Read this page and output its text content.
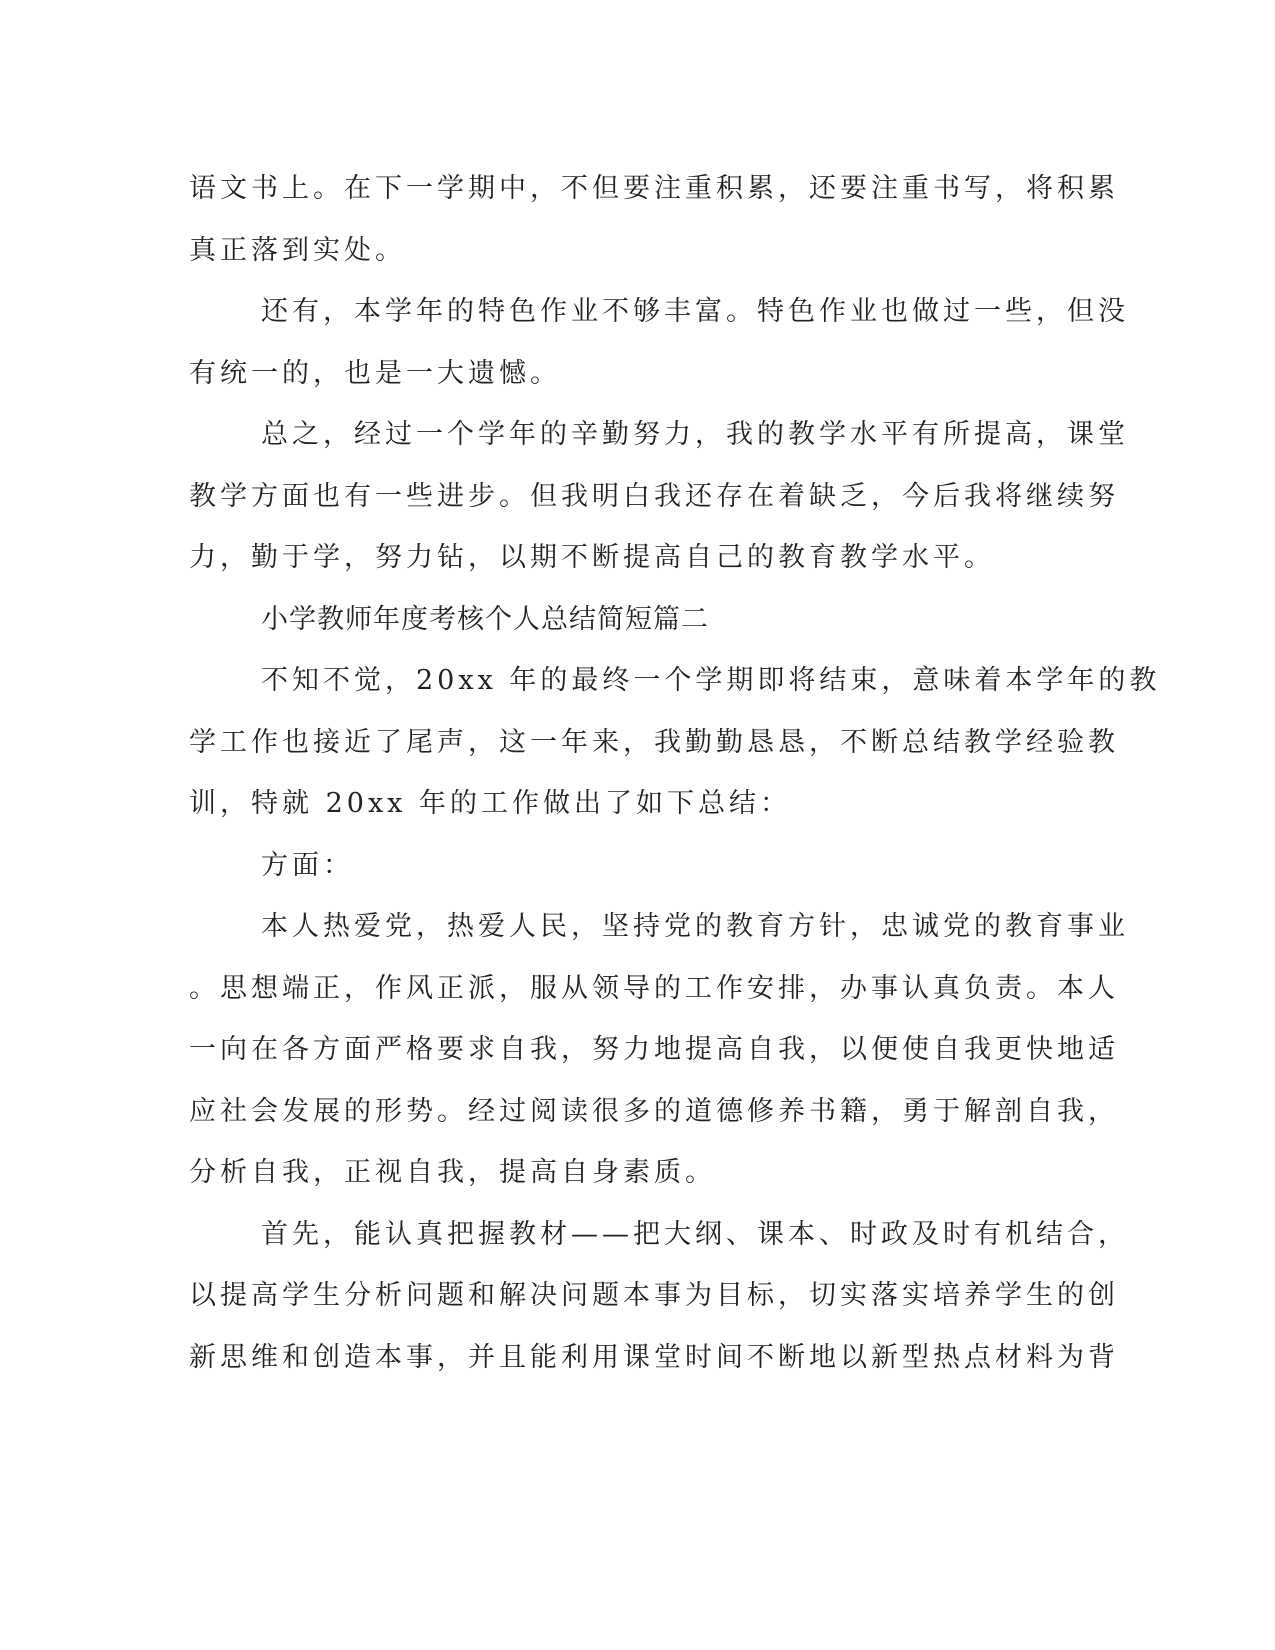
语文书上。在下一学期中，不但要注重积累，还要注重书写，将积累
真正落到实处。
还有，本学年的特色作业不够丰富。特色作业也做过一些，但没
有统一的，也是一大遗憾。
总之，经过一个学年的辛勤努力，我的教学水平有所提高，课堂
教学方面也有一些进步。但我明白我还存在着缺乏，今后我将继续努
力，勤于学，努力钻，以期不断提高自己的教育教学水平。
小学教师年度考核个人总结简短篇二
不知不觉，20xx 年的最终一个学期即将结束，意味着本学年的教
学工作也接近了尾声，这一年来，我勤勤恳恳，不断总结教学经验教
训，特就 20xx 年的工作做出了如下总结：
方面：
本人热爱党，热爱人民，坚持党的教育方针，忠诚党的教育事业
。思想端正，作风正派，服从领导的工作安排，办事认真负责。本人
一向在各方面严格要求自我，努力地提高自我，以便使自我更快地适
应社会发展的形势。经过阅读很多的道德修养书籍，勇于解剖自我，
分析自我，正视自我，提高自身素质。
首先，能认真把握教材——把大纲、课本、时政及时有机结合，
以提高学生分析问题和解决问题本事为目标，切实落实培养学生的创
新思维和创造本事，并且能利用课堂时间不断地以新型热点材料为背
